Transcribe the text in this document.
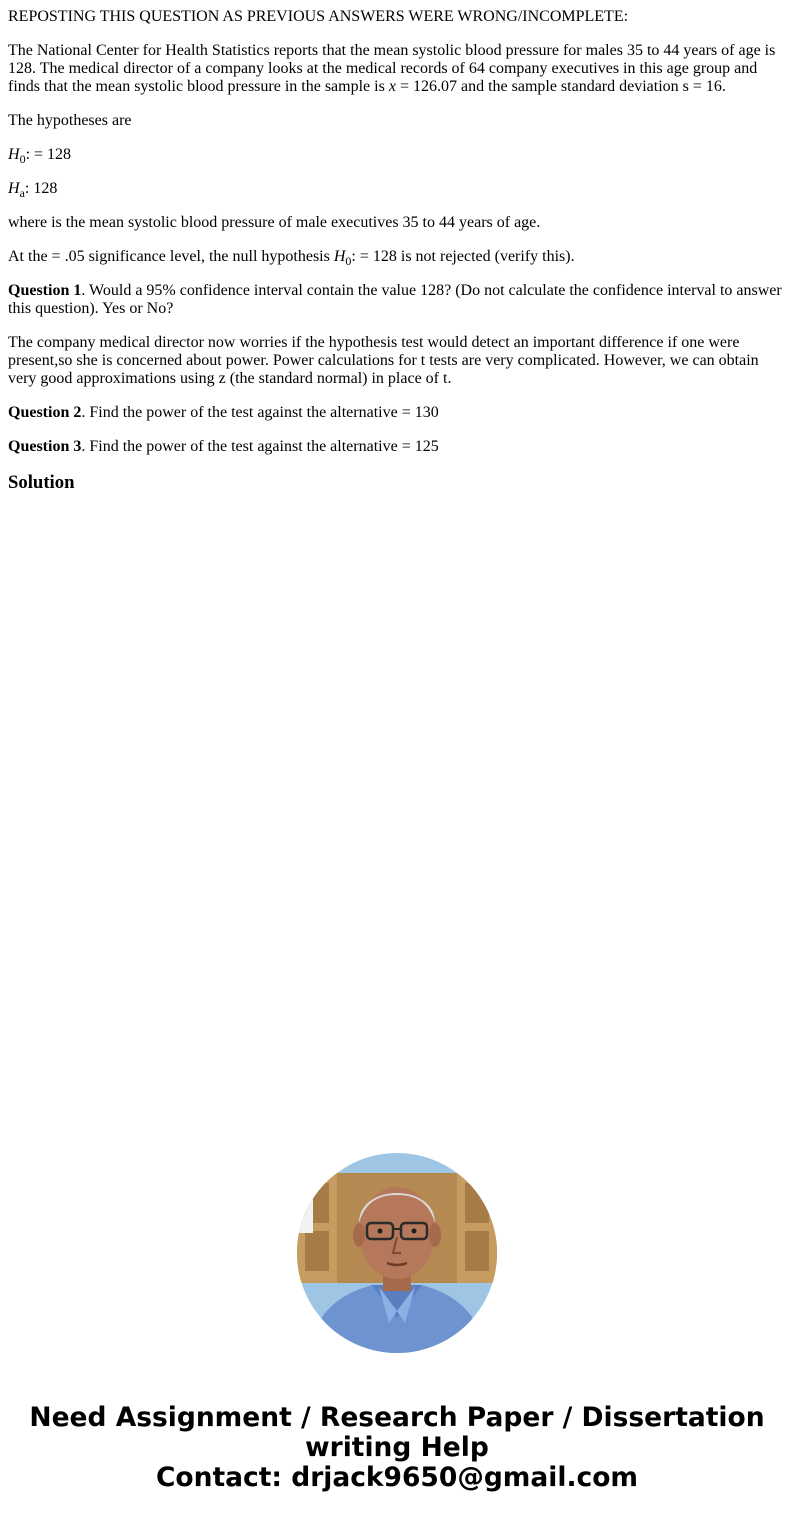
REPOSTING THIS QUESTION AS PREVIOUS ANSWERS WERE WRONG/INCOMPLETE:

The National Center for Health Statistics reports that the mean systolic blood pressure for males 35 to 44 years of age is 128. The medical director of a company looks at the medical records of 64 company executives in this age group and finds that the mean systolic blood pressure in the sample is x = 126.07 and the sample standard deviation s = 16.

The hypotheses are

$H_0$: = 128

$H_a$: 128

where is the mean systolic blood pressure of male executives 35 to 44 years of age.

At the = .05 significance level, the null hypothesis $H_0$: = 128 is not rejected (verify this).

Question 1. Would a 95% confidence interval contain the value 128? (Do not calculate the confidence interval to answer this question). Yes or No?

The company medical director now worries if the hypothesis test would detect an important difference if one were present,so she is concerned about power. Power calculations for t tests are very complicated. However, we can obtain very good approximations using z (the standard normal) in place of t.

Question 2. Find the power of the test against the alternative = 130

Question 3. Find the power of the test against the alternative = 125

Solution
Need Assignment / Research Paper / Dissertation
writing Help
Contact: drjack9650@gmail.com
